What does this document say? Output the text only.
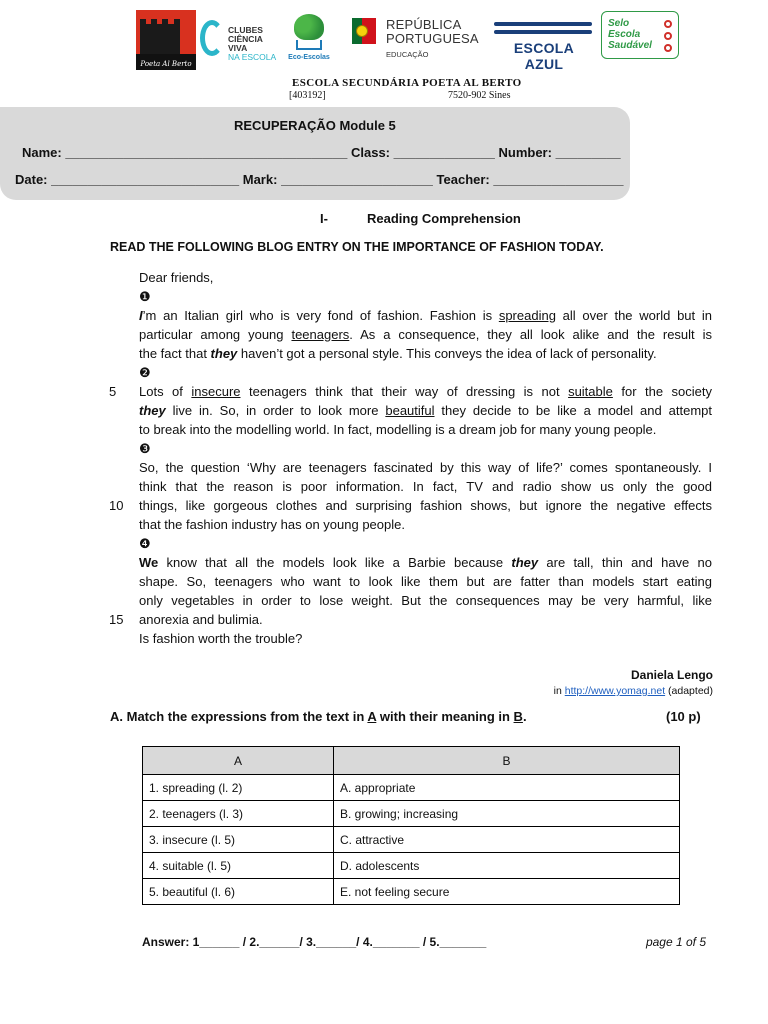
Poeta Al Berto
CLUBES
CIÊNCIA VIVA
NA ESCOLA	Eco-Escolas
REPÚBLICA
PORTUGUESA
EDUCAÇÃO	ESCOLA AZUL
Selo
Escola
Saudável
ESCOLA SECUNDÁRIA POETA AL BERTO
[403192]	7520-902 Sines
RECUPERAÇÃO Module 5
Name: _______________________________________ Class: ______________ Number: _________
Date: __________________________ Mark: _____________________ Teacher: __________________
I-	Reading Comprehension
READ THE FOLLOWING BLOG ENTRY ON THE IMPORTANCE OF FASHION TODAY.
Dear friends,
❶
I’m an Italian girl who is very fond of fashion. Fashion is spreading all over the world but in
particular among young teenagers. As a consequence, they all look alike and the result is
the fact that they haven’t got a personal style. This conveys the idea of lack of personality.
❷
Lots of insecure teenagers think that their way of dressing is not suitable for the society
they live in. So, in order to look more beautiful they decide to be like a model and attempt
to break into the modelling world. In fact, modelling is a dream job for many young people.
❸
So, the question ‘Why are teenagers fascinated by this way of life?’ comes spontaneously. I
think that the reason is poor information. In fact, TV and radio show us only the good
things, like gorgeous clothes and surprising fashion shows, but ignore the negative effects
that the fashion industry has on young people.
❹
We know that all the models look like a Barbie because they are tall, thin and have no
shape. So, teenagers who want to look like them but are fatter than models start eating
only vegetables in order to lose weight. But the consequences may be very harmful, like
anorexia and bulimia.
Is fashion worth the trouble?
5
10
15
Daniela Lengo
in http://www.yomag.net (adapted)
A. Match the expressions from the text in A with their meaning in B.	(10 p)
A	B
1. spreading (l. 2)	A. appropriate
2. teenagers (l. 3)	B. growing; increasing
3. insecure (l. 5)	C. attractive
4. suitable (l. 5)	D. adolescents
5. beautiful (l. 6)	E. not feeling secure
Answer: 1______ / 2.______/ 3.______/ 4._______ / 5._______	page 1 of 5
